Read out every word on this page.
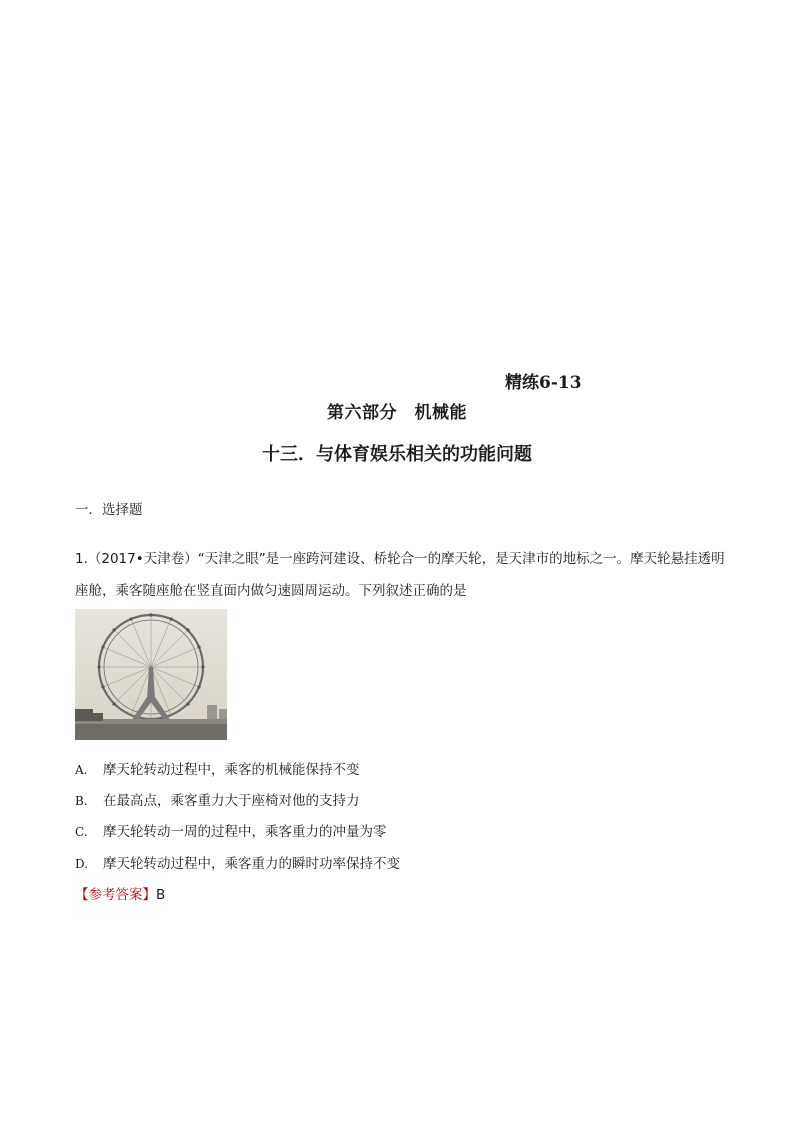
精练6-13
第六部分　机械能
十三．与体育娱乐相关的功能问题
一．选择题
1.（2017•天津卷）“天津之眼”是一座跨河建设、桥轮合一的摩天轮，是天津市的地标之一。摩天轮悬挂透明座舱，乘客随座舱在竖直面内做匀速圆周运动。下列叙述正确的是
A. 摩天轮转动过程中，乘客的机械能保持不变
B. 在最高点，乘客重力大于座椅对他的支持力
C. 摩天轮转动一周的过程中，乘客重力的冲量为零
D. 摩天轮转动过程中，乘客重力的瞬时功率保持不变
【参考答案】B
